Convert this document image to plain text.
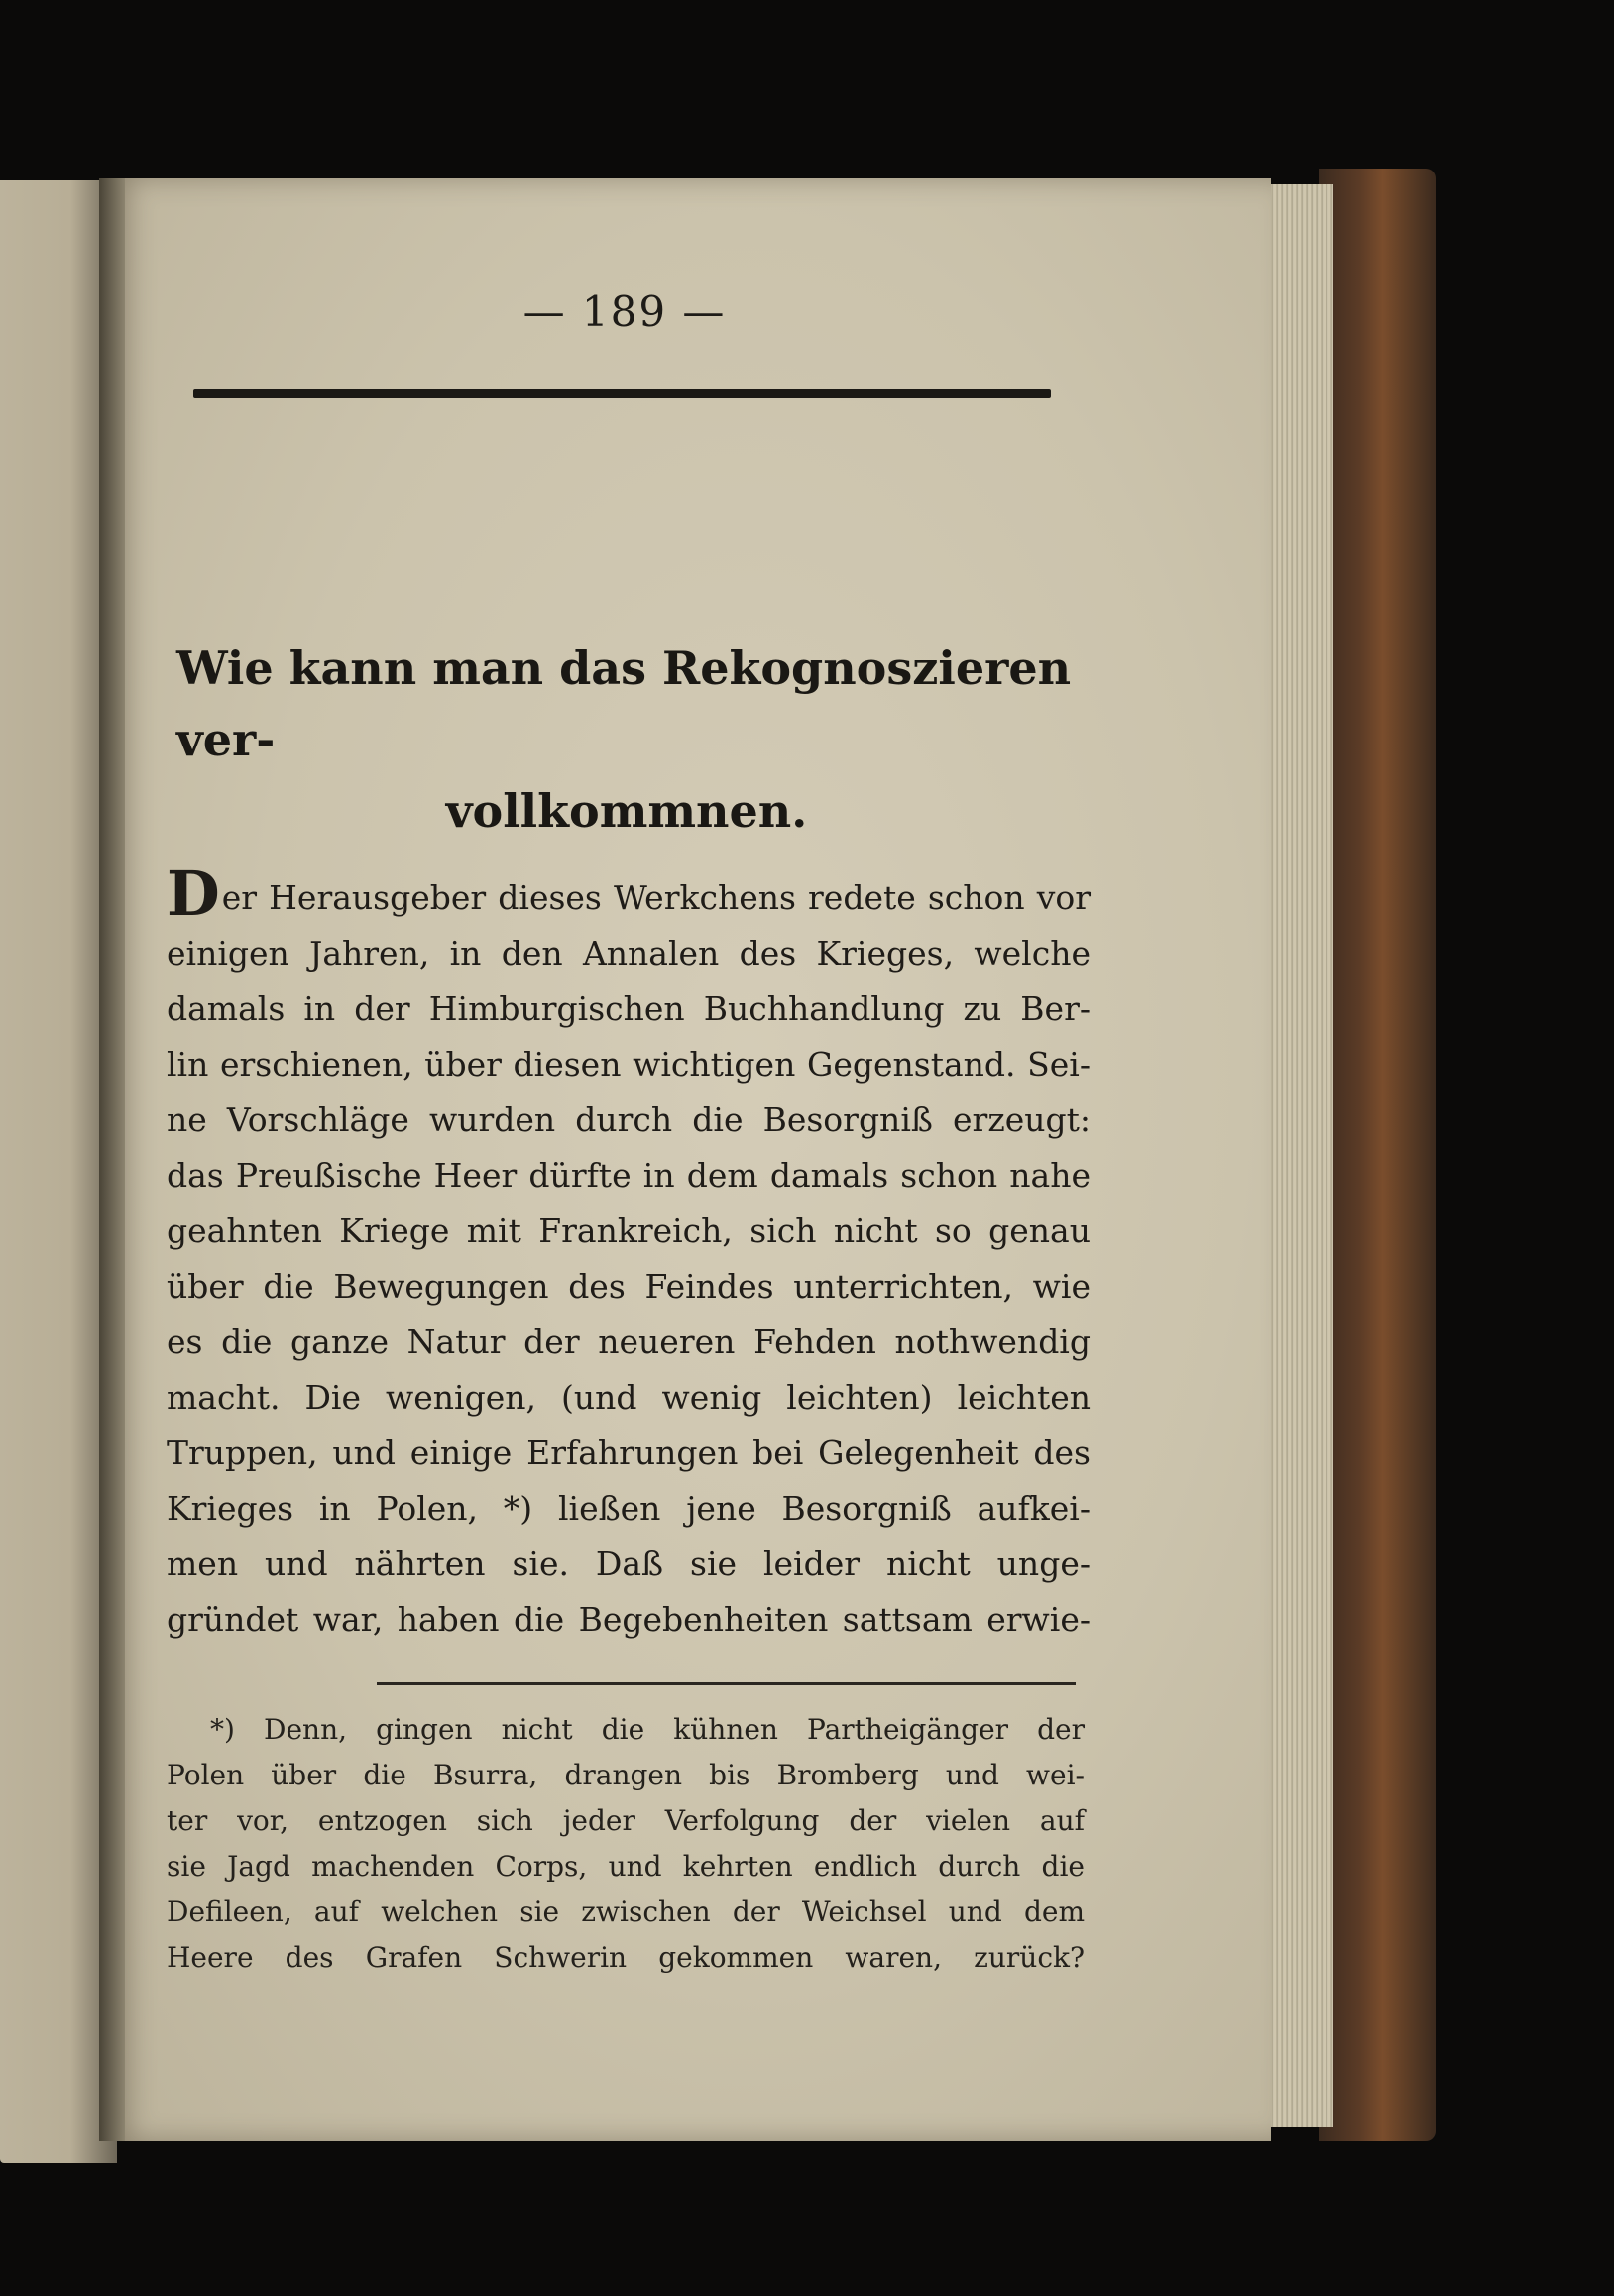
— 189 —
Wie kann man das Rekognoszieren ver-
vollkommnen.
Der Herausgeber dieses Werkchens redete schon vor
einigen Jahren, in den Annalen des Krieges, welche
damals in der Himburgischen Buchhandlung zu Ber-
lin erschienen, über diesen wichtigen Gegenstand. Sei-
ne Vorschläge wurden durch die Besorgniß erzeugt:
das Preußische Heer dürfte in dem damals schon nahe
geahnten Kriege mit Frankreich, sich nicht so genau
über die Bewegungen des Feindes unterrichten, wie
es die ganze Natur der neueren Fehden nothwendig
macht. Die wenigen, (und wenig leichten) leichten
Truppen, und einige Erfahrungen bei Gelegenheit des
Krieges in Polen, *) ließen jene Besorgniß aufkei-
men und nährten sie. Daß sie leider nicht unge-
gründet war, haben die Begebenheiten sattsam erwie-
*) Denn, gingen nicht die kühnen Partheigänger der
Polen über die Bsurra, drangen bis Bromberg und wei-
ter vor, entzogen sich jeder Verfolgung der vielen auf
sie Jagd machenden Corps, und kehrten endlich durch die
Defileen, auf welchen sie zwischen der Weichsel und dem
Heere des Grafen Schwerin gekommen waren, zurück?
